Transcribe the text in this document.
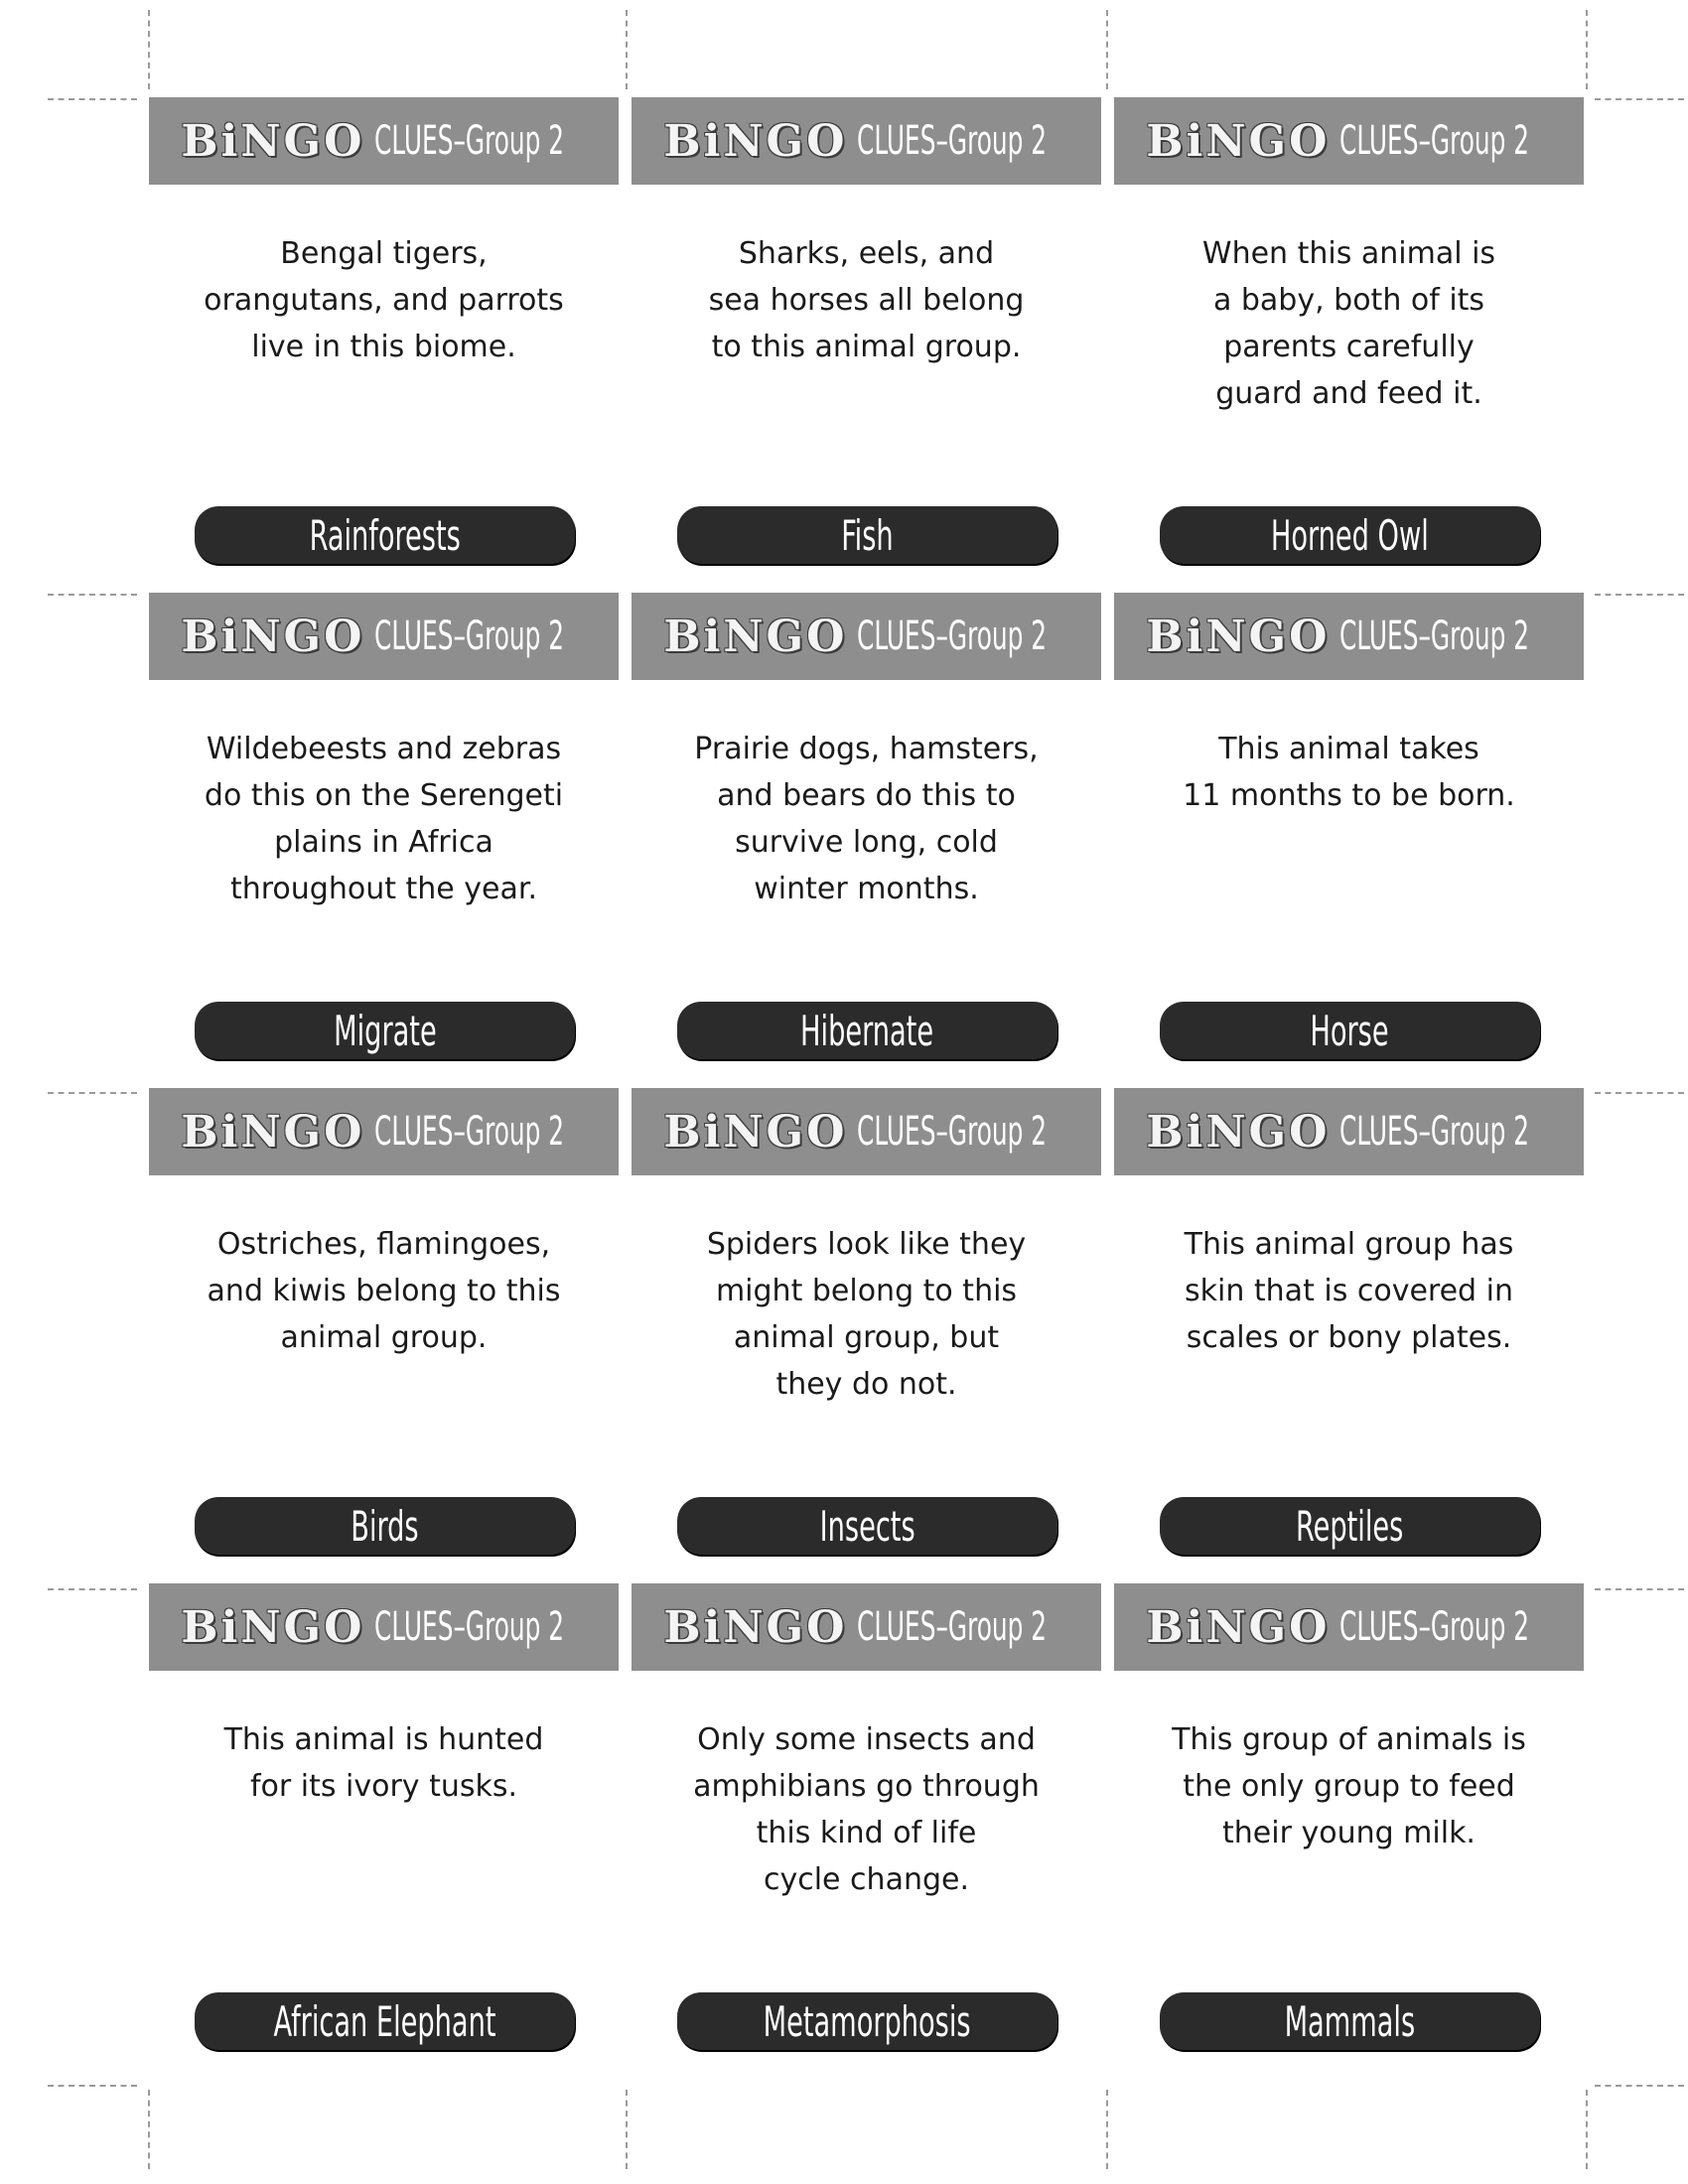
BiNGO CLUES–Group 2
Bengal tigers,
orangutans, and parrots
live in this biome.
Rainforests
BiNGO CLUES–Group 2
Sharks, eels, and
sea horses all belong
to this animal group.
Fish
BiNGO CLUES–Group 2
When this animal is
a baby, both of its
parents carefully
guard and feed it.
Horned Owl
BiNGO CLUES–Group 2
Wildebeests and zebras
do this on the Serengeti
plains in Africa
throughout the year.
Migrate
BiNGO CLUES–Group 2
Prairie dogs, hamsters,
and bears do this to
survive long, cold
winter months.
Hibernate
BiNGO CLUES–Group 2
This animal takes
11 months to be born.
Horse
BiNGO CLUES–Group 2
Ostriches, flamingoes,
and kiwis belong to this
animal group.
Birds
BiNGO CLUES–Group 2
Spiders look like they
might belong to this
animal group, but
they do not.
Insects
BiNGO CLUES–Group 2
This animal group has
skin that is covered in
scales or bony plates.
Reptiles
BiNGO CLUES–Group 2
This animal is hunted
for its ivory tusks.
African Elephant
BiNGO CLUES–Group 2
Only some insects and
amphibians go through
this kind of life
cycle change.
Metamorphosis
BiNGO CLUES–Group 2
This group of animals is
the only group to feed
their young milk.
Mammals
